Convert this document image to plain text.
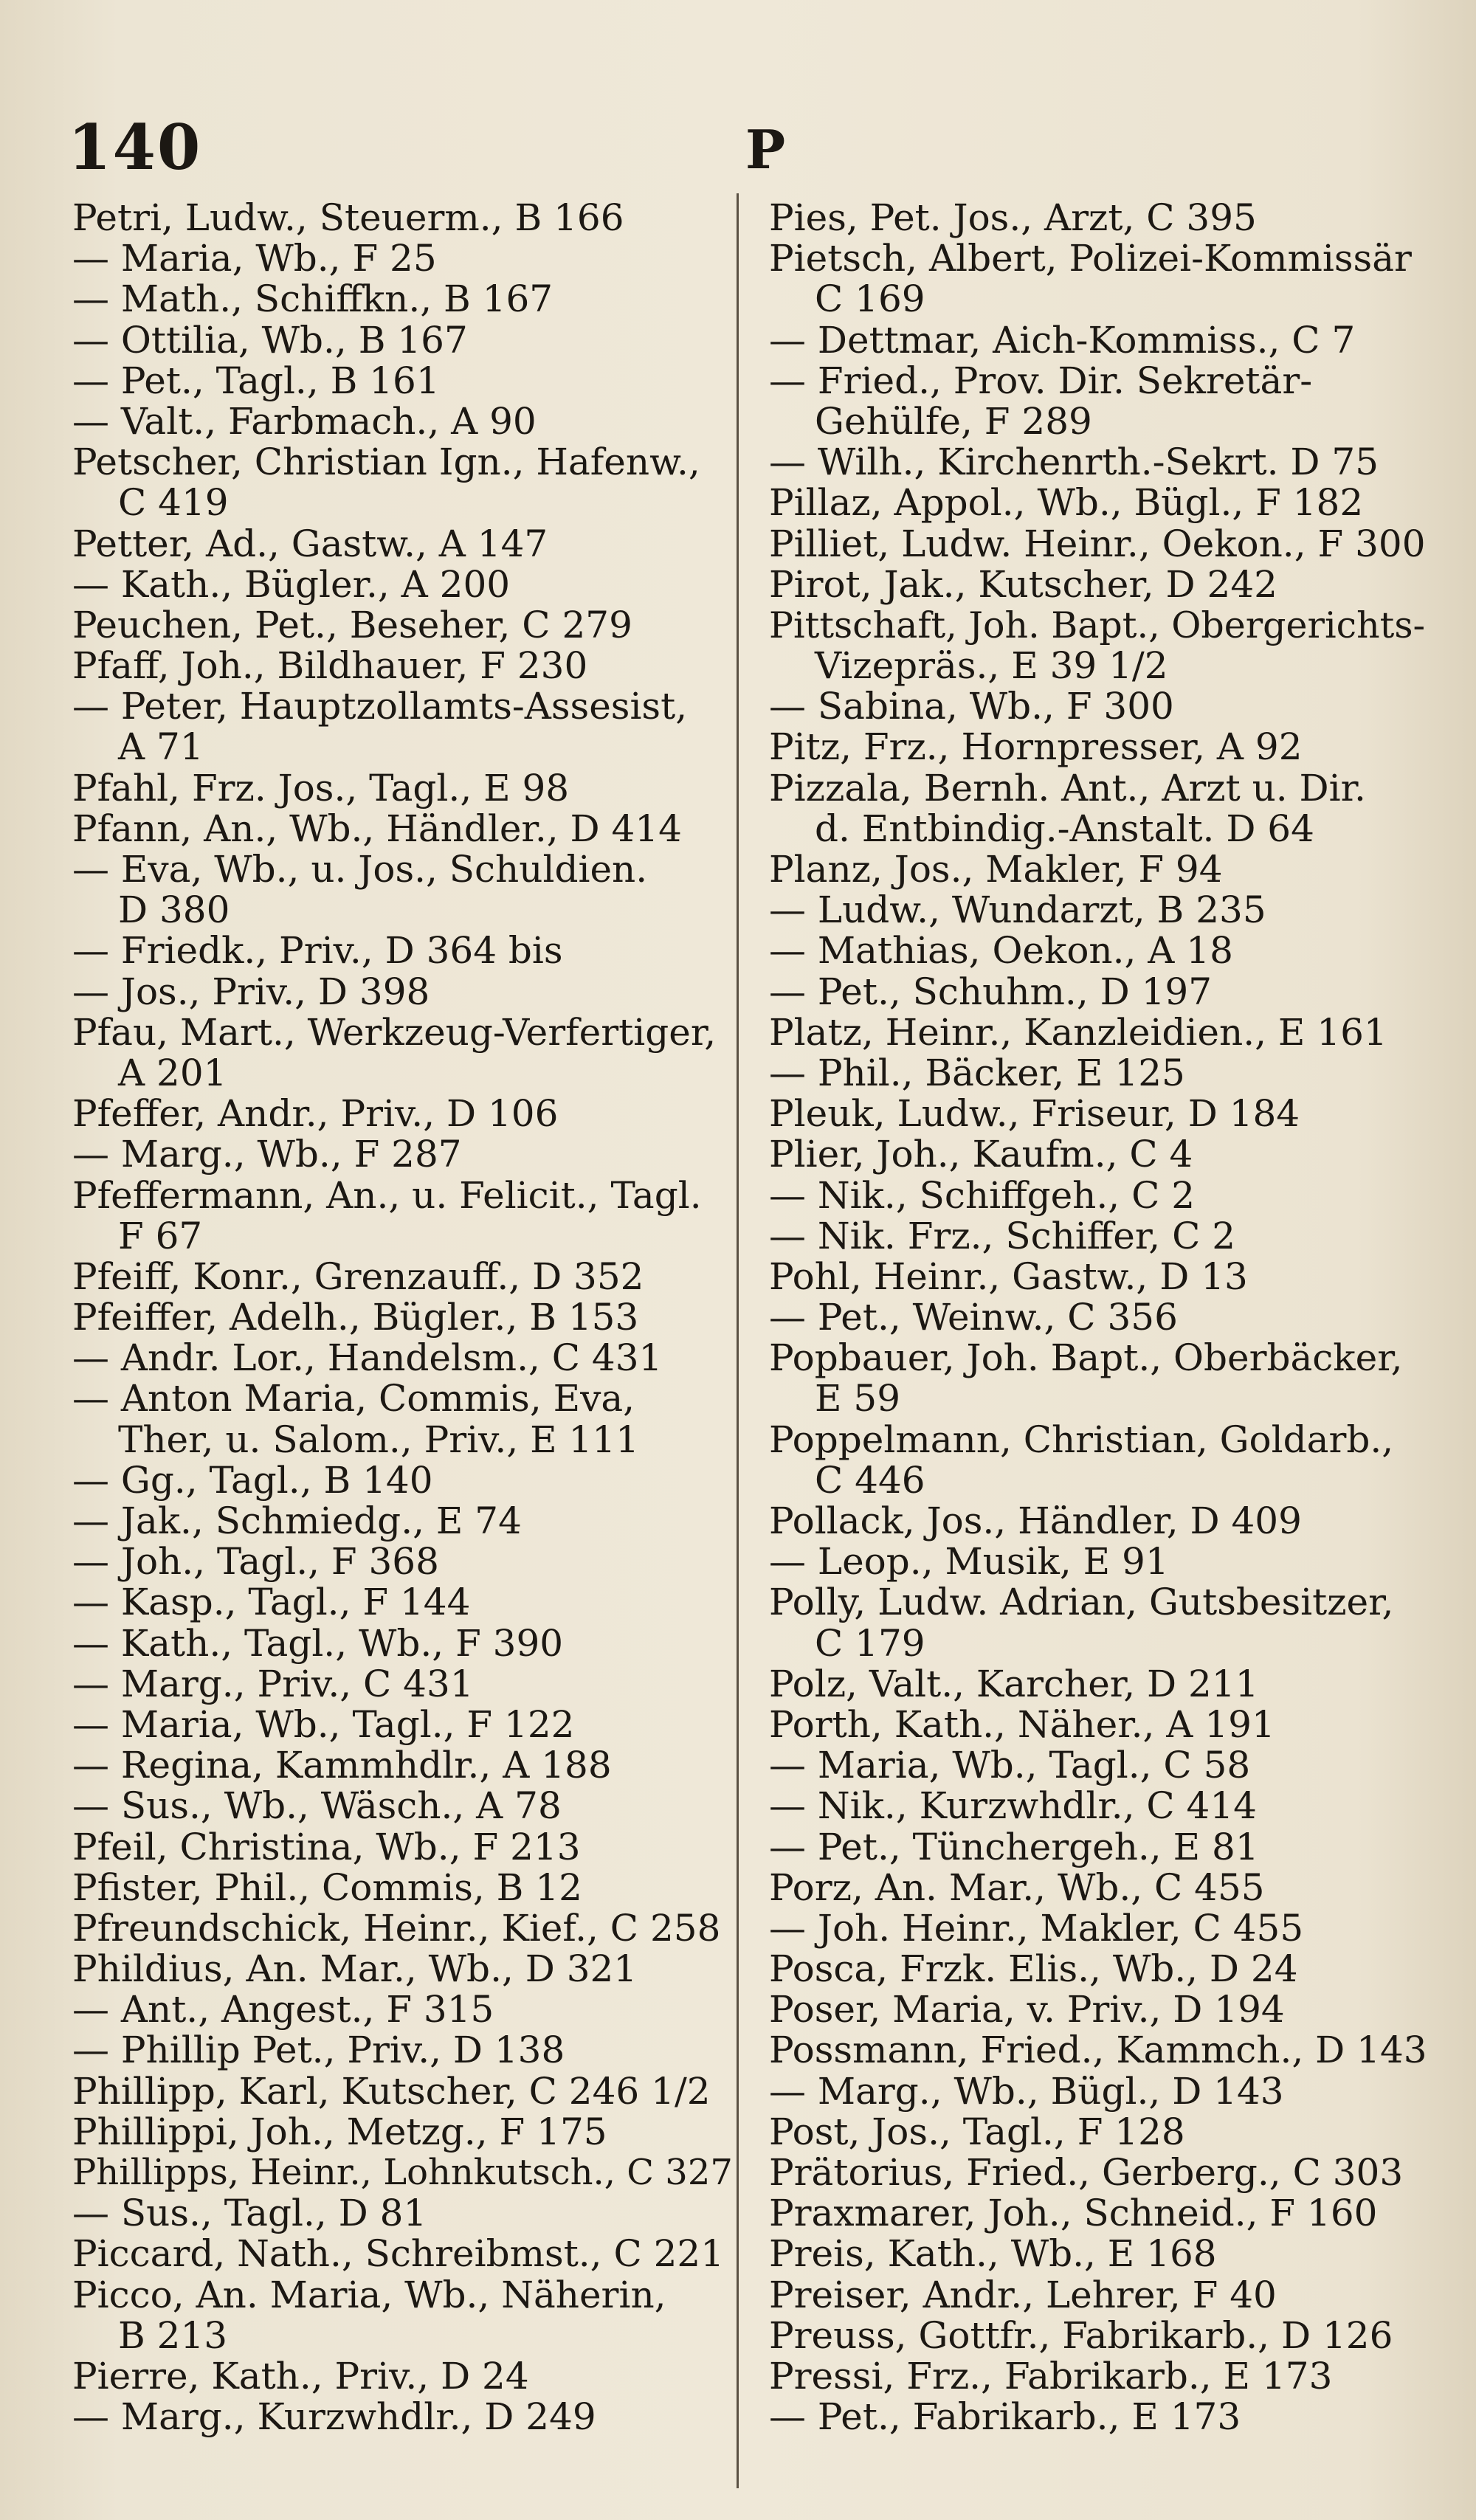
140	P
Petri, Ludw., Steuerm., B 166
— Maria, Wb., F 25
— Math., Schiffkn., B 167
— Ottilia, Wb., B 167
— Pet., Tagl., B 161
— Valt., Farbmach., A 90
Petscher, Christian Ign., Hafenw.,
C 419
Petter, Ad., Gastw., A 147
— Kath., Bügler., A 200
Peuchen, Pet., Beseher, C 279
Pfaff, Joh., Bildhauer, F 230
— Peter, Hauptzollamts-Assesist,
A 71
Pfahl, Frz. Jos., Tagl., E 98
Pfann, An., Wb., Händler., D 414
— Eva, Wb., u. Jos., Schuldien.
D 380
— Friedk., Priv., D 364 bis
— Jos., Priv., D 398
Pfau, Mart., Werkzeug-Verfertiger,
A 201
Pfeffer, Andr., Priv., D 106
— Marg., Wb., F 287
Pfeffermann, An., u. Felicit., Tagl.
F 67
Pfeiff, Konr., Grenzauff., D 352
Pfeiffer, Adelh., Bügler., B 153
— Andr. Lor., Handelsm., C 431
— Anton Maria, Commis, Eva,
Ther, u. Salom., Priv., E 111
— Gg., Tagl., B 140
— Jak., Schmiedg., E 74
— Joh., Tagl., F 368
— Kasp., Tagl., F 144
— Kath., Tagl., Wb., F 390
— Marg., Priv., C 431
— Maria, Wb., Tagl., F 122
— Regina, Kammhdlr., A 188
— Sus., Wb., Wäsch., A 78
Pfeil, Christina, Wb., F 213
Pfister, Phil., Commis, B 12
Pfreundschick, Heinr., Kief., C 258
Phildius, An. Mar., Wb., D 321
— Ant., Angest., F 315
— Phillip Pet., Priv., D 138
Phillipp, Karl, Kutscher, C 246 1/2
Phillippi, Joh., Metzg., F 175
Phillipps, Heinr., Lohnkutsch., C 327
— Sus., Tagl., D 81
Piccard, Nath., Schreibmst., C 221
Picco, An. Maria, Wb., Näherin,
B 213
Pierre, Kath., Priv., D 24
— Marg., Kurzwhdlr., D 249
Pies, Pet. Jos., Arzt, C 395
Pietsch, Albert, Polizei-Kommissär
C 169
— Dettmar, Aich-Kommiss., C 7
— Fried., Prov. Dir. Sekretär-
Gehülfe, F 289
— Wilh., Kirchenrth.-Sekrt. D 75
Pillaz, Appol., Wb., Bügl., F 182
Pilliet, Ludw. Heinr., Oekon., F 300
Pirot, Jak., Kutscher, D 242
Pittschaft, Joh. Bapt., Obergerichts-
Vizepräs., E 39 1/2
— Sabina, Wb., F 300
Pitz, Frz., Hornpresser, A 92
Pizzala, Bernh. Ant., Arzt u. Dir.
d. Entbindig.-Anstalt. D 64
Planz, Jos., Makler, F 94
— Ludw., Wundarzt, B 235
— Mathias, Oekon., A 18
— Pet., Schuhm., D 197
Platz, Heinr., Kanzleidien., E 161
— Phil., Bäcker, E 125
Pleuk, Ludw., Friseur, D 184
Plier, Joh., Kaufm., C 4
— Nik., Schiffgeh., C 2
— Nik. Frz., Schiffer, C 2
Pohl, Heinr., Gastw., D 13
— Pet., Weinw., C 356
Popbauer, Joh. Bapt., Oberbäcker,
E 59
Poppelmann, Christian, Goldarb.,
C 446
Pollack, Jos., Händler, D 409
— Leop., Musik, E 91
Polly, Ludw. Adrian, Gutsbesitzer,
C 179
Polz, Valt., Karcher, D 211
Porth, Kath., Näher., A 191
— Maria, Wb., Tagl., C 58
— Nik., Kurzwhdlr., C 414
— Pet., Tünchergeh., E 81
Porz, An. Mar., Wb., C 455
— Joh. Heinr., Makler, C 455
Posca, Frzk. Elis., Wb., D 24
Poser, Maria, v. Priv., D 194
Possmann, Fried., Kammch., D 143
— Marg., Wb., Bügl., D 143
Post, Jos., Tagl., F 128
Prätorius, Fried., Gerberg., C 303
Praxmarer, Joh., Schneid., F 160
Preis, Kath., Wb., E 168
Preiser, Andr., Lehrer, F 40
Preuss, Gottfr., Fabrikarb., D 126
Pressi, Frz., Fabrikarb., E 173
— Pet., Fabrikarb., E 173
